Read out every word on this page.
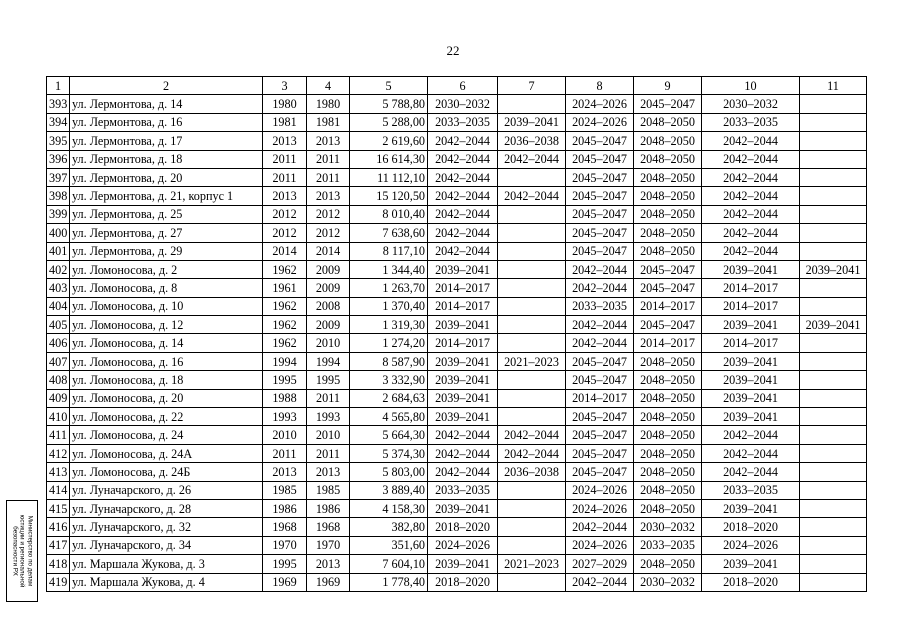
22
1	2	3	4	5	6	7	8	9	10	11
393	ул. Лермонтова, д. 14	1980	1980	5 788,80	2030–2032		2024–2026	2045–2047	2030–2032	
394	ул. Лермонтова, д. 16	1981	1981	5 288,00	2033–2035	2039–2041	2024–2026	2048–2050	2033–2035	
395	ул. Лермонтова, д. 17	2013	2013	2 619,60	2042–2044	2036–2038	2045–2047	2048–2050	2042–2044	
396	ул. Лермонтова, д. 18	2011	2011	16 614,30	2042–2044	2042–2044	2045–2047	2048–2050	2042–2044	
397	ул. Лермонтова, д. 20	2011	2011	11 112,10	2042–2044		2045–2047	2048–2050	2042–2044	
398	ул. Лермонтова, д. 21, корпус 1	2013	2013	15 120,50	2042–2044	2042–2044	2045–2047	2048–2050	2042–2044	
399	ул. Лермонтова, д. 25	2012	2012	8 010,40	2042–2044		2045–2047	2048–2050	2042–2044	
400	ул. Лермонтова, д. 27	2012	2012	7 638,60	2042–2044		2045–2047	2048–2050	2042–2044	
401	ул. Лермонтова, д. 29	2014	2014	8 117,10	2042–2044		2045–2047	2048–2050	2042–2044	
402	ул. Ломоносова, д. 2	1962	2009	1 344,40	2039–2041		2042–2044	2045–2047	2039–2041	2039–2041
403	ул. Ломоносова, д. 8	1961	2009	1 263,70	2014–2017		2042–2044	2045–2047	2014–2017	
404	ул. Ломоносова, д. 10	1962	2008	1 370,40	2014–2017		2033–2035	2014–2017	2014–2017	
405	ул. Ломоносова, д. 12	1962	2009	1 319,30	2039–2041		2042–2044	2045–2047	2039–2041	2039–2041
406	ул. Ломоносова, д. 14	1962	2010	1 274,20	2014–2017		2042–2044	2014–2017	2014–2017	
407	ул. Ломоносова, д. 16	1994	1994	8 587,90	2039–2041	2021–2023	2045–2047	2048–2050	2039–2041	
408	ул. Ломоносова, д. 18	1995	1995	3 332,90	2039–2041		2045–2047	2048–2050	2039–2041	
409	ул. Ломоносова, д. 20	1988	2011	2 684,63	2039–2041		2014–2017	2048–2050	2039–2041	
410	ул. Ломоносова, д. 22	1993	1993	4 565,80	2039–2041		2045–2047	2048–2050	2039–2041	
411	ул. Ломоносова, д. 24	2010	2010	5 664,30	2042–2044	2042–2044	2045–2047	2048–2050	2042–2044	
412	ул. Ломоносова, д. 24А	2011	2011	5 374,30	2042–2044	2042–2044	2045–2047	2048–2050	2042–2044	
413	ул. Ломоносова, д. 24Б	2013	2013	5 803,00	2042–2044	2036–2038	2045–2047	2048–2050	2042–2044	
414	ул. Луначарского, д. 26	1985	1985	3 889,40	2033–2035		2024–2026	2048–2050	2033–2035	
415	ул. Луначарского, д. 28	1986	1986	4 158,30	2039–2041		2024–2026	2048–2050	2039–2041	
416	ул. Луначарского, д. 32	1968	1968	382,80	2018–2020		2042–2044	2030–2032	2018–2020	
417	ул. Луначарского, д. 34	1970	1970	351,60	2024–2026		2024–2026	2033–2035	2024–2026	
418	ул. Маршала Жукова, д. 3	1995	2013	7 604,10	2039–2041	2021–2023	2027–2029	2048–2050	2039–2041	
419	ул. Маршала Жукова, д. 4	1969	1969	1 778,40	2018–2020		2042–2044	2030–2032	2018–2020	
Министерство по делам
юстиции и региональной
безопасности РХ
